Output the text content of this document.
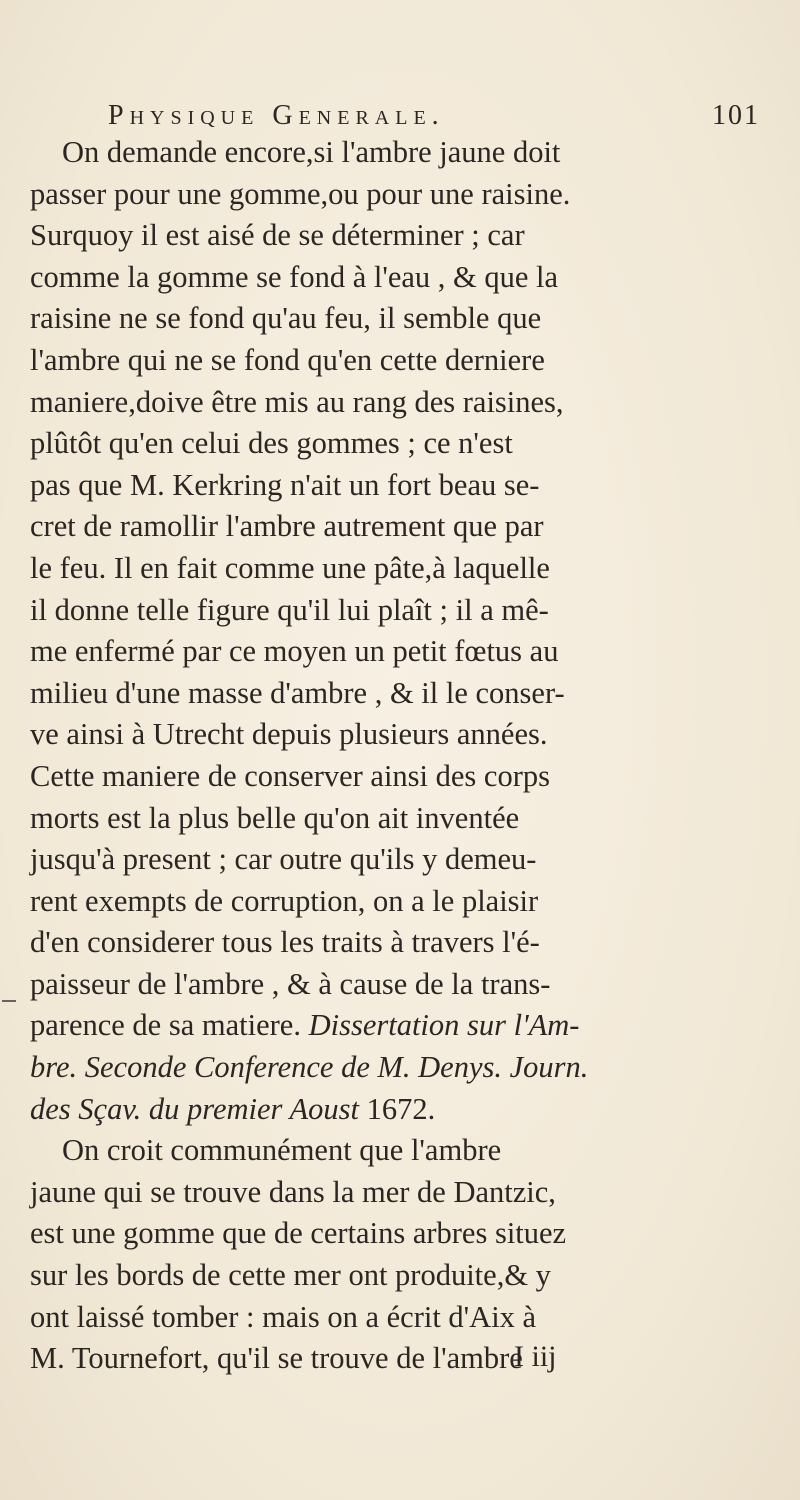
Physique Generale.	101
On demande encore,si l'ambre jaune doit
passer pour une gomme,ou pour une raisine.
Surquoy il est aisé de se déterminer ; car
comme la gomme se fond à l'eau , & que la
raisine ne se fond qu'au feu, il semble que
l'ambre qui ne se fond qu'en cette derniere
maniere,doive être mis au rang des raisines,
plûtôt qu'en celui des gommes ; ce n'est
pas que M. Kerkring n'ait un fort beau se-
cret de ramollir l'ambre autrement que par
le feu. Il en fait comme une pâte,à laquelle
il donne telle figure qu'il lui plaît ; il a mê-
me enfermé par ce moyen un petit fœtus au
milieu d'une masse d'ambre , & il le conser-
ve ainsi à Utrecht depuis plusieurs années.
Cette maniere de conserver ainsi des corps
morts est la plus belle qu'on ait inventée
jusqu'à present ; car outre qu'ils y demeu-
rent exempts de corruption, on a le plaisir
d'en considerer tous les traits à travers l'é-
paisseur de l'ambre , & à cause de la trans-
parence de sa matiere. Dissertation sur l'Am-
bre. Seconde Conference de M. Denys. Journ.
des Sçav. du premier Aoust 1672.
On croit communément que l'ambre
jaune qui se trouve dans la mer de Dantzic,
est une gomme que de certains arbres situez
sur les bords de cette mer ont produite,& y
ont laissé tomber : mais on a écrit d'Aix à
M. Tournefort, qu'il se trouve de l'ambre
I iij
